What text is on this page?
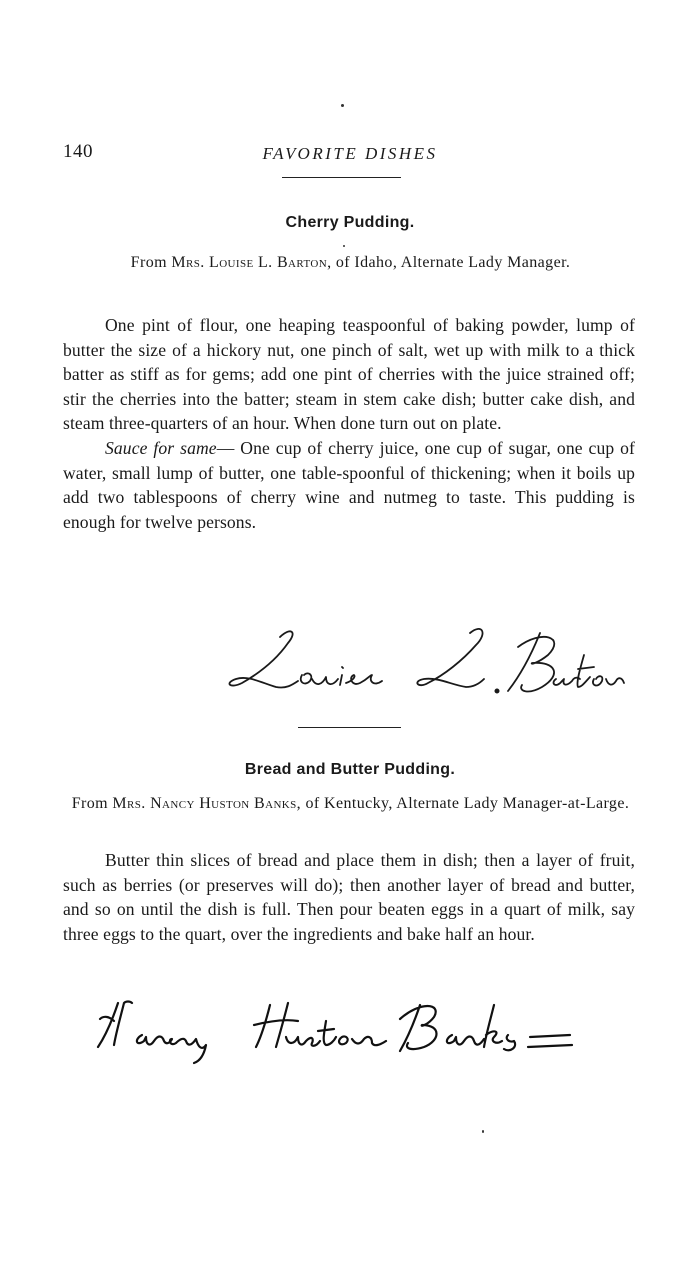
140	FAVORITE DISHES
Cherry Pudding.
From Mrs. Louise L. Barton, of Idaho, Alternate Lady Manager.

One pint of flour, one heaping teaspoonful of baking powder, lump of butter the size of a hickory nut, one pinch of salt, wet up with milk to a thick batter as stiff as for gems; add one pint of cherries with the juice strained off; stir the cherries into the batter; steam in stem cake dish; butter cake dish, and steam three-quarters of an hour. When done turn out on plate.

Sauce for same— One cup of cherry juice, one cup of sugar, one cup of water, small lump of butter, one table-spoonful of thickening; when it boils up add two tablespoons of cherry wine and nutmeg to taste. This pudding is enough for twelve persons.

Bread and Butter Pudding.
From Mrs. Nancy Huston Banks, of Kentucky, Alternate Lady Manager-at-Large.

Butter thin slices of bread and place them in dish; then a layer of fruit, such as berries (or preserves will do); then another layer of bread and butter, and so on until the dish is full. Then pour beaten eggs in a quart of milk, say three eggs to the quart, over the ingredients and bake half an hour.
